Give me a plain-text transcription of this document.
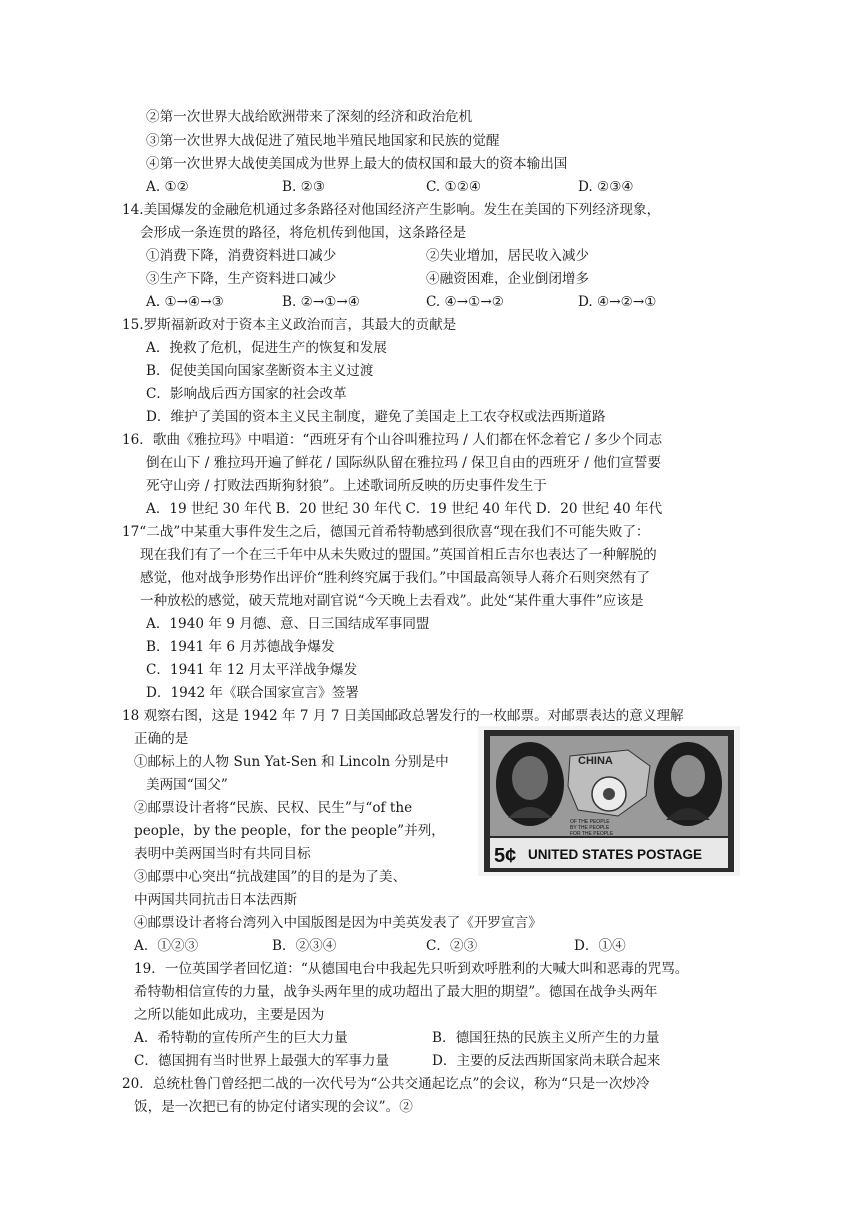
②第一次世界大战给欧洲带来了深刻的经济和政治危机
③第一次世界大战促进了殖民地半殖民地国家和民族的觉醒
④第一次世界大战使美国成为世界上最大的债权国和最大的资本输出国
A. ①②	B. ②③	C. ①②④	D. ②③④
14.美国爆发的金融危机通过多条路径对他国经济产生影响。发生在美国的下列经济现象，
会形成一条连贯的路径，将危机传到他国，这条路径是
①消费下降，消费资料进口减少	②失业增加，居民收入减少
③生产下降，生产资料进口减少	④融资困难，企业倒闭增多
A. ①→④→③	B. ②→①→④	C. ④→①→②	D. ④→②→①
15.罗斯福新政对于资本主义政治而言，其最大的贡献是
A．挽救了危机，促进生产的恢复和发展
B．促使美国向国家垄断资本主义过渡
C．影响战后西方国家的社会改革
D．维护了美国的资本主义民主制度，避免了美国走上工农夺权或法西斯道路
16．歌曲《雅拉玛》中唱道：“西班牙有个山谷叫雅拉玛 / 人们都在怀念着它 / 多少个同志
倒在山下 / 雅拉玛开遍了鲜花 / 国际纵队留在雅拉玛 / 保卫自由的西班牙 / 他们宣誓要
死守山旁 / 打败法西斯狗豺狼”。上述歌词所反映的历史事件发生于
A．19 世纪 30 年代 B．20 世纪 30 年代 C．19 世纪 40 年代 D．20 世纪 40 年代
17“二战”中某重大事件发生之后，德国元首希特勒感到很欣喜“现在我们不可能失败了：
现在我们有了一个在三千年中从未失败过的盟国。”英国首相丘吉尔也表达了一种解脱的
感觉，他对战争形势作出评价“胜利终究属于我们。”中国最高领导人蒋介石则突然有了
一种放松的感觉，破天荒地对副官说“今天晚上去看戏”。此处“某件重大事件”应该是
A．1940 年 9 月德、意、日三国结成军事同盟
B．1941 年 6 月苏德战争爆发
C．1941 年 12 月太平洋战争爆发
D．1942 年《联合国家宣言》签署
18 观察右图，这是 1942 年 7 月 7 日美国邮政总署发行的一枚邮票。对邮票表达的意义理解
正确的是
①邮标上的人物 Sun Yat-Sen 和 Lincoln 分别是中
美两国“国父”
②邮票设计者将“民族、民权、民生”与“of the
people，by the people，for the people”并列，
表明中美两国当时有共同目标
③邮票中心突出“抗战建国”的目的是为了美、
中两国共同抗击日本法西斯
④邮票设计者将台湾列入中国版图是因为中美英发表了《开罗宣言》
A．①②③	B．②③④	C．②③	D．①④
CHINA
OF THE PEOPLE
BY THE PEOPLE
FOR THE PEOPLE
5¢ UNITED STATES POSTAGE
19．一位英国学者回忆道：“从德国电台中我起先只听到欢呼胜利的大喊大叫和恶毒的咒骂。
希特勒相信宣传的力量，战争头两年里的成功超出了最大胆的期望”。德国在战争头两年
之所以能如此成功，主要是因为
A．希特勒的宣传所产生的巨大力量	B．德国狂热的民族主义所产生的力量
C．德国拥有当时世界上最强大的军事力量	D．主要的反法西斯国家尚未联合起来
20．总统杜鲁门曾经把二战的一次代号为“公共交通起讫点”的会议，称为“只是一次炒冷
饭，是一次把已有的协定付诸实现的会议”。②
